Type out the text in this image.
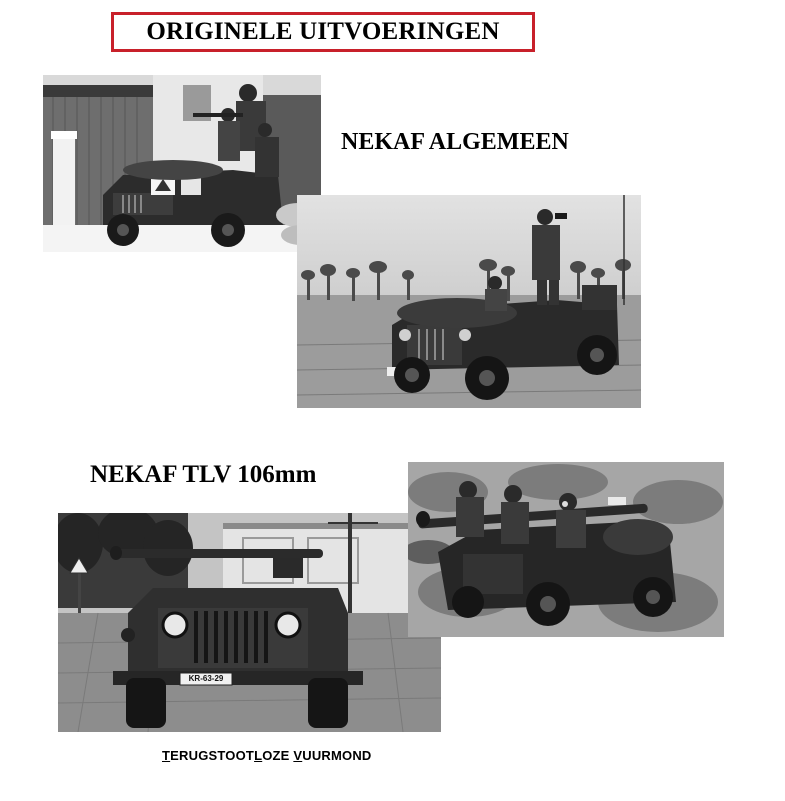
ORIGINELE UITVOERINGEN
NEKAF ALGEMEEN
NEKAF TLV 106mm
KR-63-29
TERUGSTOOTLOZE VUURMOND
